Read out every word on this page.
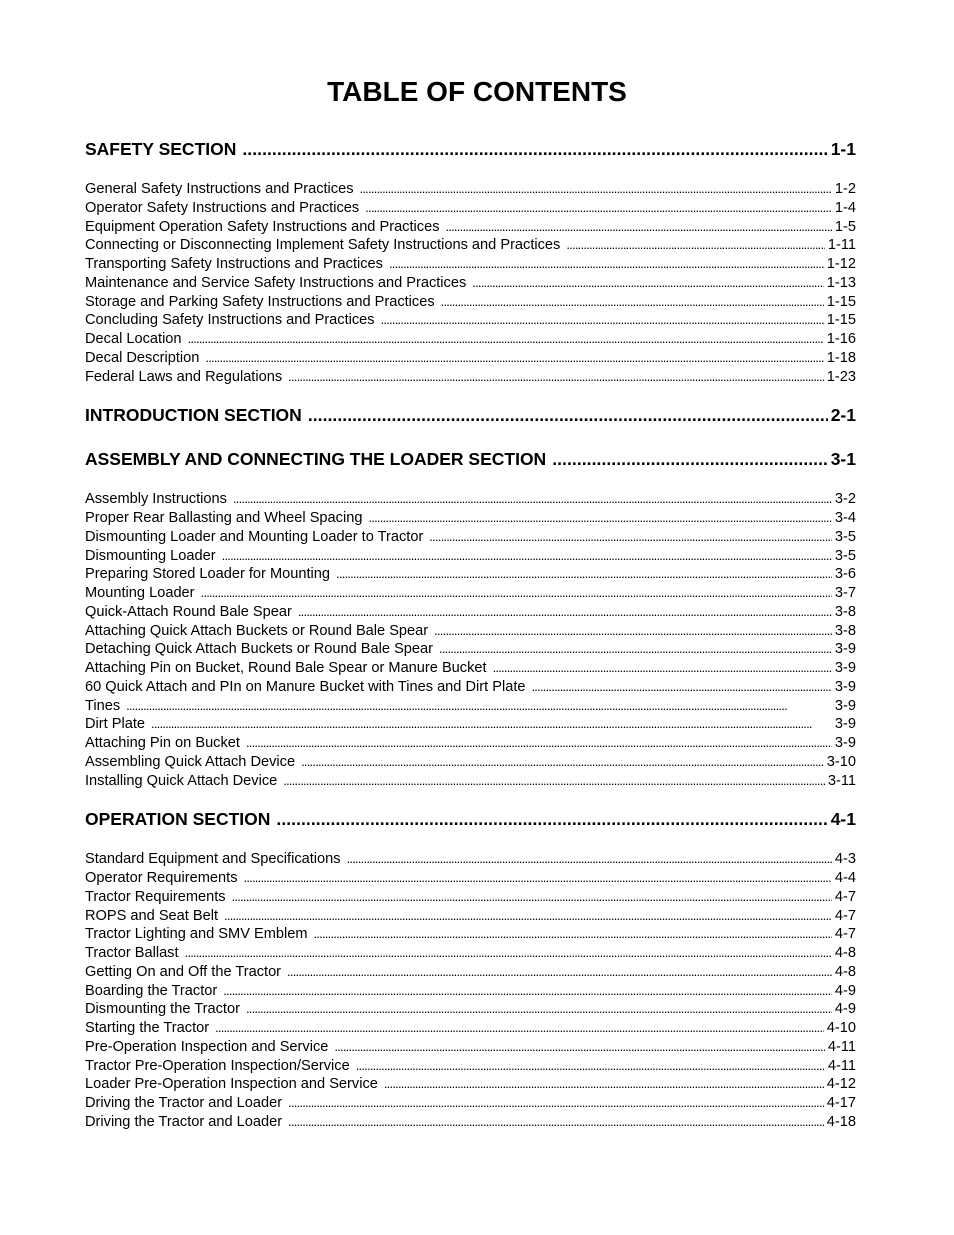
TABLE OF CONTENTS
SAFETY SECTION . . .	1-1
General Safety Instructions and Practices . . .	1-2
Operator Safety Instructions and Practices . . .	1-4
Equipment Operation Safety Instructions and Practices . . .	1-5
Connecting or Disconnecting Implement Safety Instructions and Practices . . .	1-11
Transporting Safety Instructions and Practices . . .	1-12
Maintenance and Service Safety Instructions and Practices . . .	1-13
Storage and Parking Safety Instructions and Practices . . .	1-15
Concluding Safety Instructions and Practices . . .	1-15
Decal Location . . .	1-16
Decal Description . . .	1-18
Federal Laws and Regulations . . .	1-23
INTRODUCTION SECTION . . .	2-1
ASSEMBLY AND CONNECTING THE LOADER SECTION . . .	3-1
Assembly Instructions . . .	3-2
Proper Rear Ballasting and Wheel Spacing . . .	3-4
Dismounting Loader and Mounting Loader to Tractor . . .	3-5
Dismounting Loader . . .	3-5
Preparing Stored Loader for Mounting . . .	3-6
Mounting Loader . . .	3-7
Quick-Attach Round Bale Spear . . .	3-8
Attaching Quick Attach Buckets or Round Bale Spear . . .	3-8
Detaching Quick Attach Buckets or Round Bale Spear . . .	3-9
Attaching Pin on Bucket, Round Bale Spear or Manure Bucket . . .	3-9
60 Quick Attach and PIn on Manure Bucket with Tines and Dirt Plate . . .	3-9
Tines . . .	3-9
Dirt Plate . . .	3-9
Attaching Pin on Bucket . . .	3-9
Assembling Quick Attach Device . . .	3-10
Installing Quick Attach Device . . .	3-11
OPERATION SECTION . . .	4-1
Standard Equipment and Specifications . . .	4-3
Operator Requirements . . .	4-4
Tractor Requirements . . .	4-7
ROPS and Seat Belt . . .	4-7
Tractor Lighting and SMV Emblem . . .	4-7
Tractor Ballast . . .	4-8
Getting On and Off the Tractor . . .	4-8
Boarding the Tractor . . .	4-9
Dismounting the Tractor . . .	4-9
Starting the Tractor . . .	4-10
Pre-Operation Inspection and Service . . .	4-11
Tractor Pre-Operation Inspection/Service . . .	4-11
Loader Pre-Operation Inspection and Service . . .	4-12
Driving the Tractor and Loader . . .	4-17
Driving the Tractor and Loader . . .	4-18
